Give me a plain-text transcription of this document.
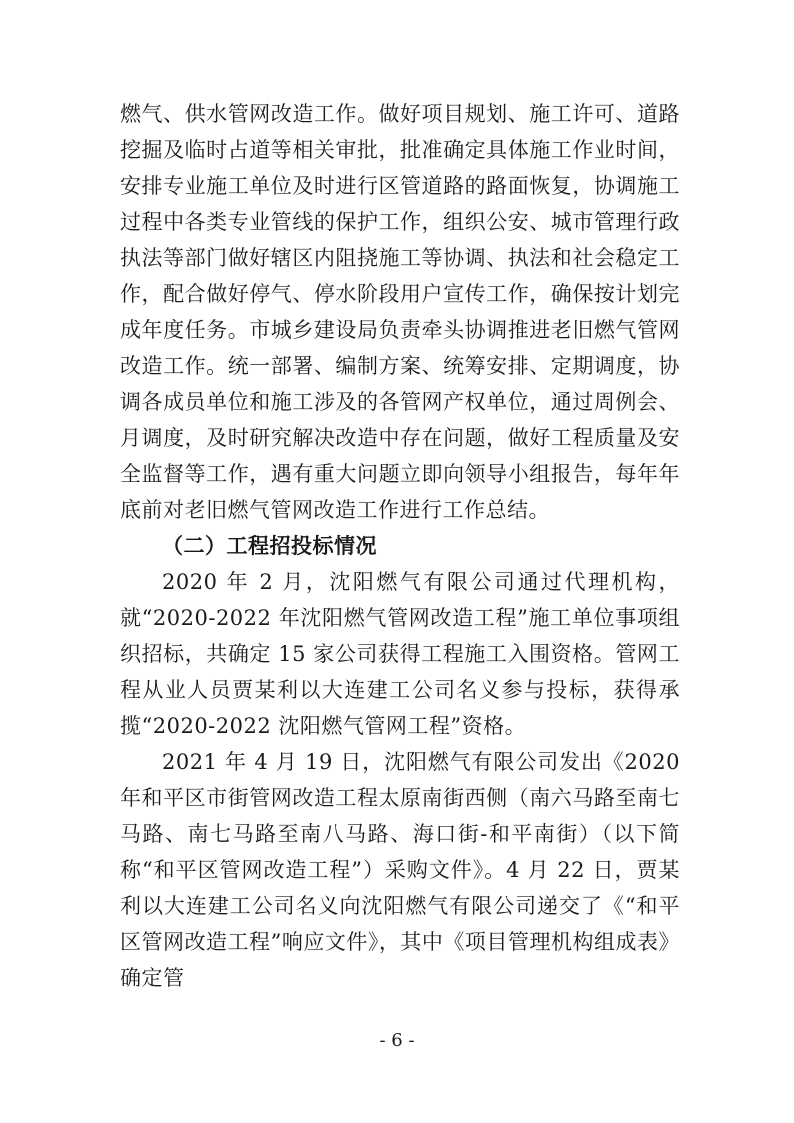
燃气、供水管网改造工作。做好项目规划、施工许可、道路挖掘及临时占道等相关审批，批准确定具体施工作业时间，安排专业施工单位及时进行区管道路的路面恢复，协调施工过程中各类专业管线的保护工作，组织公安、城市管理行政执法等部门做好辖区内阻挠施工等协调、执法和社会稳定工作，配合做好停气、停水阶段用户宣传工作，确保按计划完成年度任务。市城乡建设局负责牵头协调推进老旧燃气管网改造工作。统一部署、编制方案、统筹安排、定期调度，协调各成员单位和施工涉及的各管网产权单位，通过周例会、月调度，及时研究解决改造中存在问题，做好工程质量及安全监督等工作，遇有重大问题立即向领导小组报告，每年年底前对老旧燃气管网改造工作进行工作总结。

（二）工程招投标情况

2020 年 2 月，沈阳燃气有限公司通过代理机构，就“2020-2022 年沈阳燃气管网改造工程”施工单位事项组织招标，共确定 15 家公司获得工程施工入围资格。管网工程从业人员贾某利以大连建工公司名义参与投标，获得承揽“2020-2022 沈阳燃气管网工程”资格。

2021 年 4 月 19 日，沈阳燃气有限公司发出《2020 年和平区市街管网改造工程太原南街西侧（南六马路至南七马路、南七马路至南八马路、海口街-和平南街）（以下简称“和平区管网改造工程”）采购文件》。4 月 22 日，贾某利以大连建工公司名义向沈阳燃气有限公司递交了《“和平区管网改造工程”响应文件》，其中《项目管理机构组成表》确定管

- 6 -
